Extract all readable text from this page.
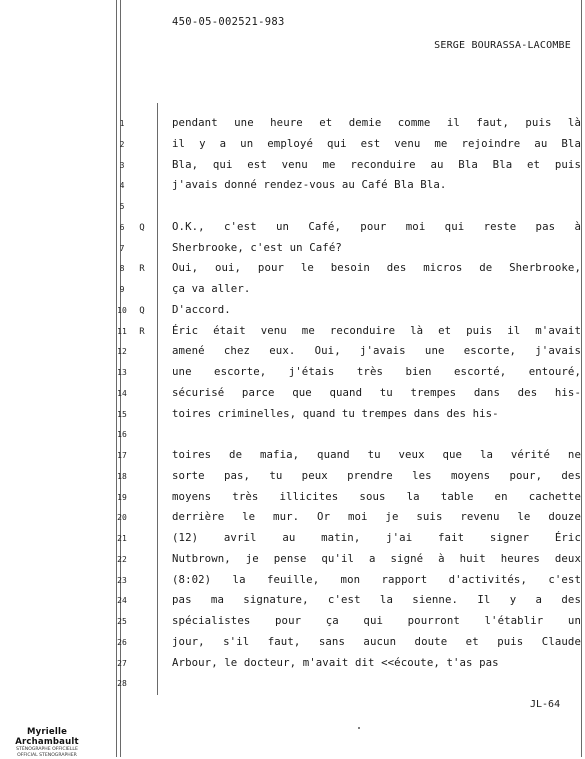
450-05-002521-983
SERGE BOURASSA-LACOMBE
1	pendant une heure et demie comme il faut, puis là
2	il y a un employé qui est venu me rejoindre au Bla
3	Bla, qui est venu me reconduire au Bla Bla et puis
4	j'avais donné rendez-vous au Café Bla Bla.
5
6	Q	O.K., c'est un Café, pour moi qui reste pas à
7	Sherbrooke, c'est un Café?
8	R	Oui, oui, pour le besoin des micros de Sherbrooke,
9	ça va aller.
10	Q	D'accord.
11	R	Éric était venu me reconduire là et puis il m'avait
12	amené chez eux. Oui, j'avais une escorte, j'avais
13	une escorte, j'étais très bien escorté, entouré,
14	sécurisé parce que quand tu trempes dans des his-
15	toires criminelles, quand tu trempes dans des his-
16
17	toires de mafia, quand tu veux que la vérité ne
18	sorte pas, tu peux prendre les moyens pour, des
19	moyens très illicites sous la table en cachette
20	derrière le mur. Or moi je suis revenu le douze
21	(12) avril au matin, j'ai fait signer Éric
22	Nutbrown, je pense qu'il a signé à huit heures deux
23	(8:02) la feuille, mon rapport d'activités, c'est
24	pas ma signature, c'est la sienne. Il y a des
25	spécialistes pour ça qui pourront l'établir un
26	jour, s'il faut, sans aucun doute et puis Claude
27	Arbour, le docteur, m'avait dit <<écoute, t'as pas
28
JL-64
Myrielle Archambault
STÉNOGRAPHE OFFICIELLE
OFFICIAL STENOGRAPHER
